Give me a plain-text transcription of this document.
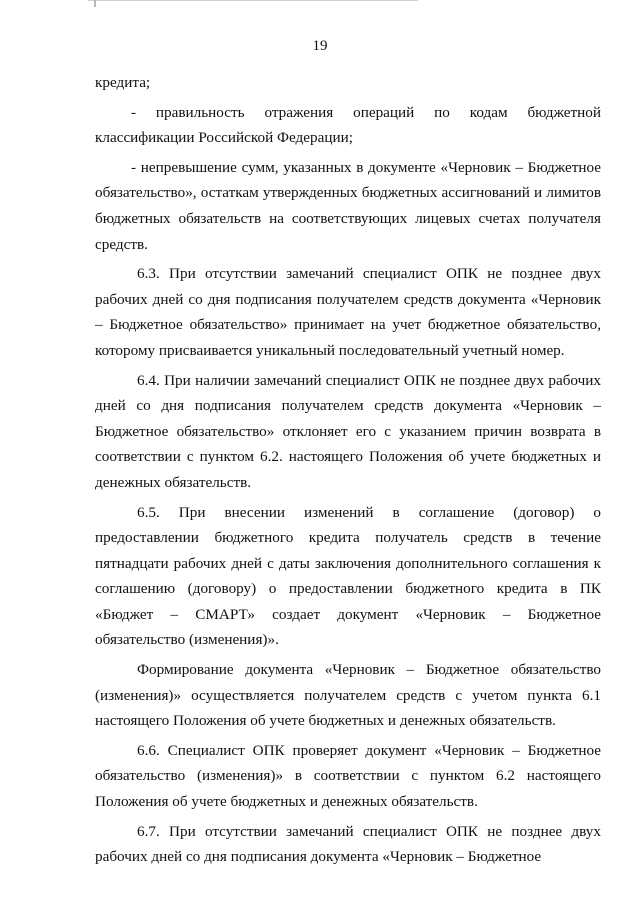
19

кредита;

- правильность отражения операций по кодам бюджетной классификации Российской Федерации;

- непревышение сумм, указанных в документе «Черновик – Бюджетное обязательство», остаткам утвержденных бюджетных ассигнований и лимитов бюджетных обязательств на соответствующих лицевых счетах получателя средств.

6.3. При отсутствии замечаний специалист ОПК не позднее двух рабочих дней со дня подписания получателем средств документа «Черновик – Бюджетное обязательство» принимает на учет бюджетное обязательство, которому присваивается уникальный последовательный учетный номер.

6.4. При наличии замечаний специалист ОПК не позднее двух рабочих дней со дня подписания получателем средств документа «Черновик – Бюджетное обязательство» отклоняет его с указанием причин возврата в соответствии с пунктом 6.2. настоящего Положения об учете бюджетных и денежных обязательств.

6.5. При внесении изменений в соглашение (договор) о предоставлении бюджетного кредита получатель средств в течение пятнадцати рабочих дней с даты заключения дополнительного соглашения к соглашению (договору) о предоставлении бюджетного кредита в ПК «Бюджет – СМАРТ» создает документ «Черновик – Бюджетное обязательство (изменения)».

Формирование документа «Черновик – Бюджетное обязательство (изменения)» осуществляется получателем средств с учетом пункта 6.1 настоящего Положения об учете бюджетных и денежных обязательств.

6.6. Специалист ОПК проверяет документ «Черновик – Бюджетное обязательство (изменения)» в соответствии с пунктом 6.2 настоящего Положения об учете бюджетных и денежных обязательств.

6.7. При отсутствии замечаний специалист ОПК не позднее двух рабочих дней со дня подписания документа «Черновик – Бюджетное
